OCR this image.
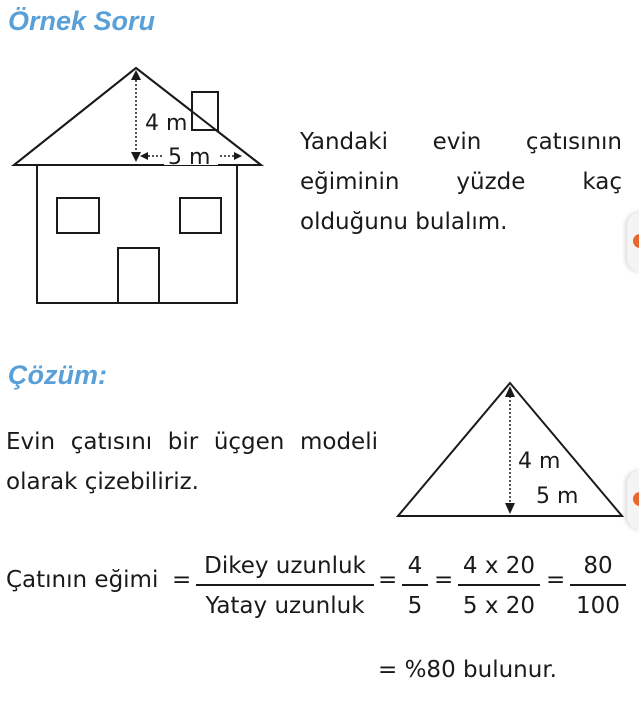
Örnek Soru
4 m
5 m
4 m
5 m

Yandaki evin çatısının eğiminin yüzde kaç olduğunu bulalım.

Çözüm:

Evin çatısını bir üçgen modeli olarak çizebiliriz.

Çatının eğimi =
Dikey uzunluk
Yatay uzunluk
=
4
5
=
4 x 20
5 x 20
=
80
100
= %80 bulunur.
